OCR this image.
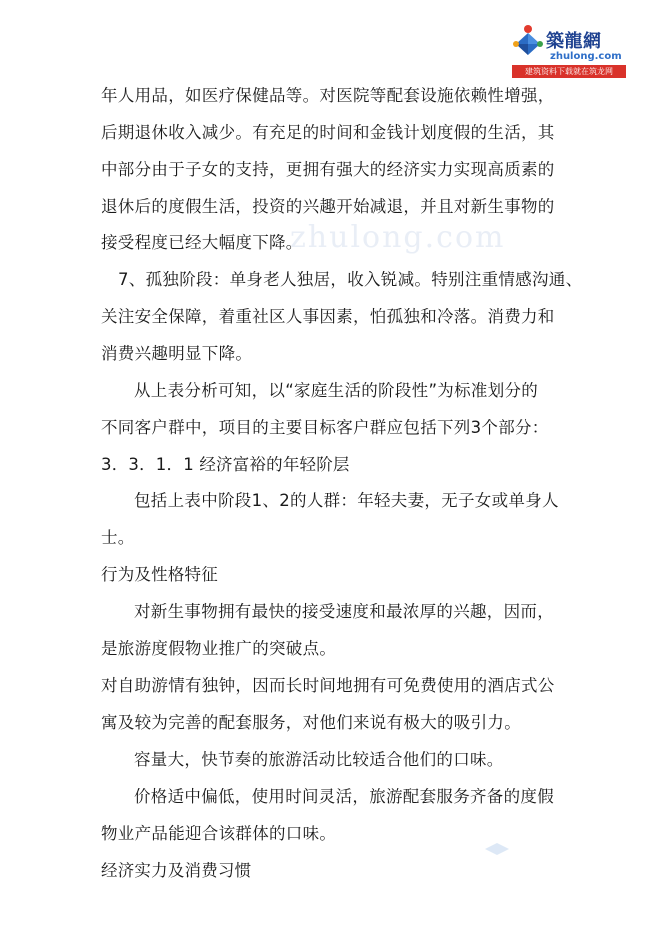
築龍網
zhulong.com
建筑资料下载就在筑龙网
zhulong.com
年人用品，如医疗保健品等。对医院等配套设施依赖性增强，
后期退休收入减少。有充足的时间和金钱计划度假的生活，其
中部分由于子女的支持，更拥有强大的经济实力实现高质素的
退休后的度假生活，投资的兴趣开始减退，并且对新生事物的
接受程度已经大幅度下降。
7、孤独阶段：单身老人独居，收入锐减。特别注重情感沟通、
关注安全保障，着重社区人事因素，怕孤独和冷落。消费力和
消费兴趣明显下降。
从上表分析可知，以“家庭生活的阶段性”为标准划分的
不同客户群中，项目的主要目标客户群应包括下列3个部分：
3．3．1．1 经济富裕的年轻阶层
包括上表中阶段1、2的人群：年轻夫妻，无子女或单身人
士。
行为及性格特征
对新生事物拥有最快的接受速度和最浓厚的兴趣，因而，
是旅游度假物业推广的突破点。
对自助游情有独钟，因而长时间地拥有可免费使用的酒店式公
寓及较为完善的配套服务，对他们来说有极大的吸引力。
容量大，快节奏的旅游活动比较适合他们的口味。
价格适中偏低，使用时间灵活，旅游配套服务齐备的度假
物业产品能迎合该群体的口味。
经济实力及消费习惯
